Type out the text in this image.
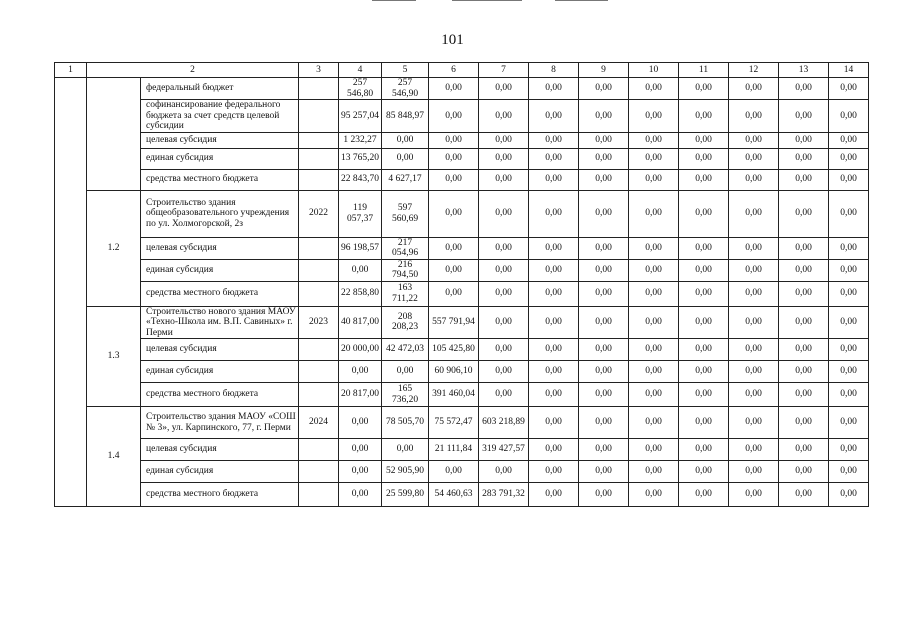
101
1	2		3	4	5	6	7	8	9	10	11	12	13	14
		федеральный бюджет		257 546,80	257 546,90	0,00	0,00	0,00	0,00	0,00	0,00	0,00	0,00	0,00
		софинансирование федерального бюджета за счет средств целевой субсидии		95 257,04	85 848,97	0,00	0,00	0,00	0,00	0,00	0,00	0,00	0,00	0,00
		целевая субсидия		1 232,27	0,00	0,00	0,00	0,00	0,00	0,00	0,00	0,00	0,00	0,00
		единая субсидия		13 765,20	0,00	0,00	0,00	0,00	0,00	0,00	0,00	0,00	0,00	0,00
		средства местного бюджета		22 843,70	4 627,17	0,00	0,00	0,00	0,00	0,00	0,00	0,00	0,00	0,00
	1.2	Строительство здания общеобразовательного учреждения по ул. Холмогорской, 2з	2022	119 057,37	597 560,69	0,00	0,00	0,00	0,00	0,00	0,00	0,00	0,00	0,00
		целевая субсидия		96 198,57	217 054,96	0,00	0,00	0,00	0,00	0,00	0,00	0,00	0,00	0,00
		единая субсидия		0,00	216 794,50	0,00	0,00	0,00	0,00	0,00	0,00	0,00	0,00	0,00
		средства местного бюджета		22 858,80	163 711,22	0,00	0,00	0,00	0,00	0,00	0,00	0,00	0,00	0,00
	1.3	Строительство нового здания МАОУ «Техно-Школа им. В.П. Савиных» г. Перми	2023	40 817,00	208 208,23	557 791,94	0,00	0,00	0,00	0,00	0,00	0,00	0,00	0,00
		целевая субсидия		20 000,00	42 472,03	105 425,80	0,00	0,00	0,00	0,00	0,00	0,00	0,00	0,00
		единая субсидия		0,00	0,00	60 906,10	0,00	0,00	0,00	0,00	0,00	0,00	0,00	0,00
		средства местного бюджета		20 817,00	165 736,20	391 460,04	0,00	0,00	0,00	0,00	0,00	0,00	0,00	0,00
	1.4	Строительство здания МАОУ «СОШ № 3», ул. Карпинского, 77, г. Перми	2024	0,00	78 505,70	75 572,47	603 218,89	0,00	0,00	0,00	0,00	0,00	0,00	0,00
		целевая субсидия		0,00	0,00	21 111,84	319 427,57	0,00	0,00	0,00	0,00	0,00	0,00	0,00
		единая субсидия		0,00	52 905,90	0,00	0,00	0,00	0,00	0,00	0,00	0,00	0,00	0,00
		средства местного бюджета		0,00	25 599,80	54 460,63	283 791,32	0,00	0,00	0,00	0,00	0,00	0,00	0,00
